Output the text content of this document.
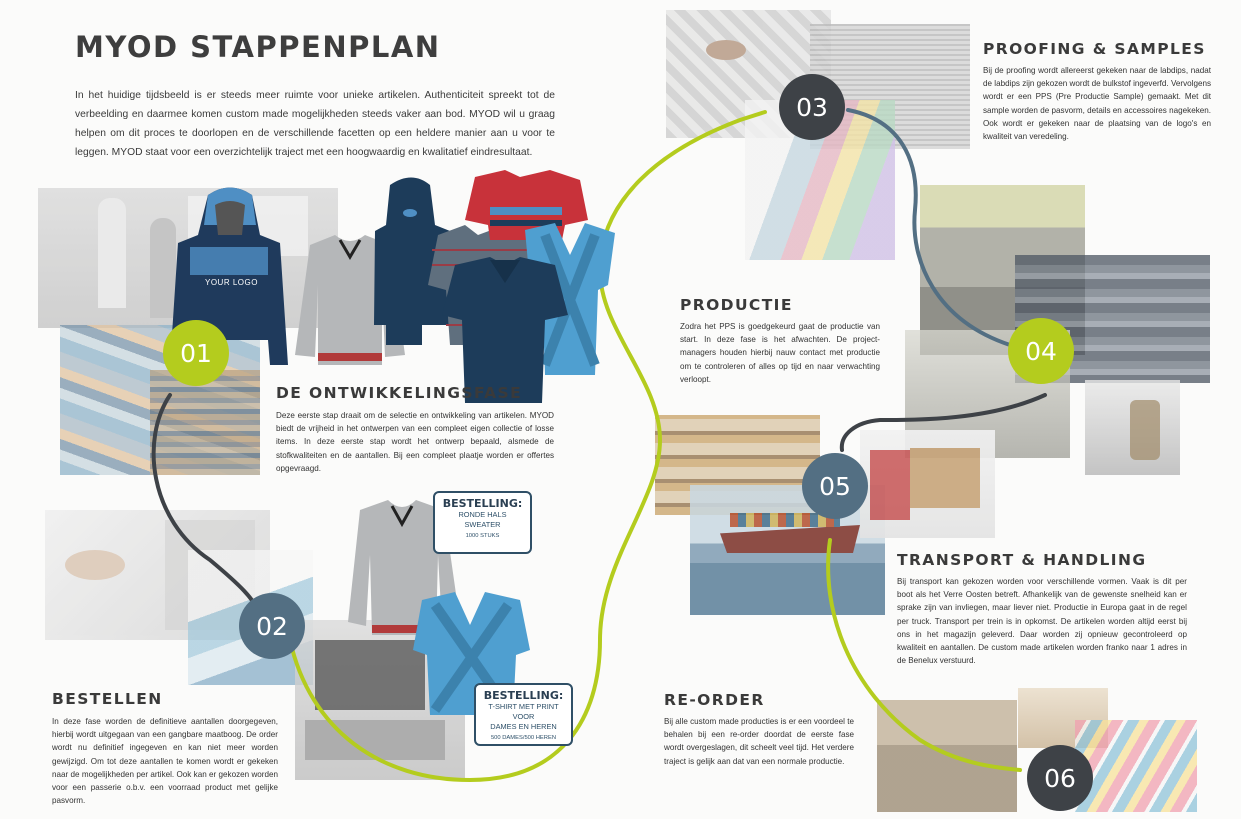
YOUR LOGO
MYOD STAPPENPLAN

In het huidige tijdsbeeld is er steeds meer ruimte voor unieke artikelen. Authenticiteit spreekt tot de verbeelding en daarmee komen custom made mogelijkheden steeds vaker aan bod. MYOD wil u graag helpen om dit proces te doorlopen en de verschillende facetten op een heldere manier aan u voor te leggen. MYOD staat voor een overzichtelijk traject met een hoogwaardig en kwalitatief eindresultaat.

01
02
03
04
05
06
DE ONTWIKKELINGSFASE

Deze eerste stap draait om de selectie en ontwikkeling van artikelen. MYOD biedt de vrijheid in het ontwerpen van een compleet eigen collectie of losse items. In deze eerste stap wordt het ontwerp bepaald, alsmede de stofkwaliteiten en de aantallen. Bij een compleet plaatje worden er offertes opgevraagd.

BESTELLEN

In deze fase worden de definitieve aantallen doorgegeven, hierbij wordt uitgegaan van een gangbare maatboog. De order wordt nu definitief ingegeven en kan niet meer worden gewijzigd. Om tot deze aantallen te komen wordt er gekeken naar de mogelijkheden per artikel. Ook kan er gekozen worden voor een passerie o.b.v. een voorraad product met gelijke pasvorm.

PROOFING & SAMPLES

Bij de proofing wordt allereerst gekeken naar de labdips, nadat de labdips zijn gekozen wordt de bulkstof ingeverfd. Vervolgens wordt er een PPS (Pre Productie Sample) gemaakt. Met dit sample worden de pasvorm, details en accessoires nagekeken. Ook wordt er gekeken naar de plaatsing van de logo's en kwaliteit van veredeling.

PRODUCTIE

Zodra het PPS is goedgekeurd gaat de productie van start. In deze fase is het afwachten. De project-managers houden hierbij nauw contact met productie om te controleren of alles op tijd en naar verwachting verloopt.

TRANSPORT & HANDLING

Bij transport kan gekozen worden voor verschillende vormen. Vaak is dit per boot als het Verre Oosten betreft. Afhankelijk van de gewenste snelheid kan er sprake zijn van invliegen, maar liever niet. Productie in Europa gaat in de regel per truck. Transport per trein is in opkomst. De artikelen worden altijd eerst bij ons in het magazijn geleverd. Daar worden zij opnieuw gecontroleerd op kwaliteit en aantallen. De custom made artikelen worden franko naar 1 adres in de Benelux verstuurd.

RE-ORDER

Bij alle custom made producties is er een voordeel te behalen bij een re-order doordat de eerste fase wordt overgeslagen, dit scheelt veel tijd. Het verdere traject is gelijk aan dat van een normale productie.

BESTELLING:
RONDE HALS SWEATER
1000 STUKS
BESTELLING:
T-SHIRT MET PRINT VOOR
DAMES EN HEREN
500 DAMES/500 HEREN
